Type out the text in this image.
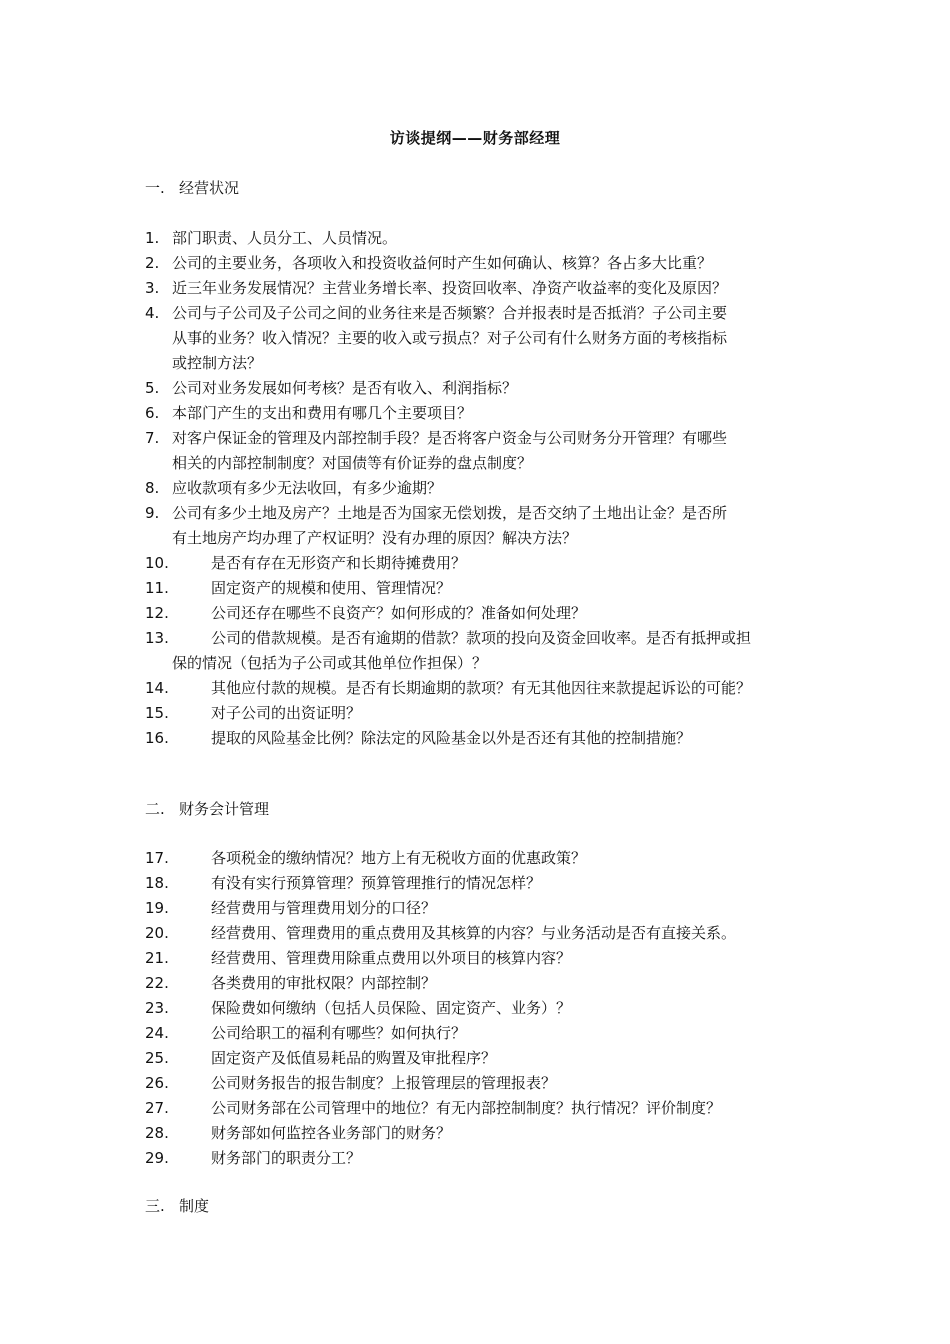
访谈提纲——财务部经理
一. 经营状况
1. 部门职责、人员分工、人员情况。
2. 公司的主要业务，各项收入和投资收益何时产生如何确认、核算？各占多大比重？
3. 近三年业务发展情况？主营业务增长率、投资回收率、净资产收益率的变化及原因？
4. 公司与子公司及子公司之间的业务往来是否频繁？合并报表时是否抵消？子公司主要
从事的业务？收入情况？主要的收入或亏损点？对子公司有什么财务方面的考核指标
或控制方法？
5. 公司对业务发展如何考核？是否有收入、利润指标？
6. 本部门产生的支出和费用有哪几个主要项目？
7. 对客户保证金的管理及内部控制手段？是否将客户资金与公司财务分开管理？有哪些
相关的内部控制制度？对国债等有价证券的盘点制度？
8. 应收款项有多少无法收回，有多少逾期？
9. 公司有多少土地及房产？土地是否为国家无偿划拨，是否交纳了土地出让金？是否所
有土地房产均办理了产权证明？没有办理的原因？解决方法？
10.	是否有存在无形资产和长期待摊费用？
11.	固定资产的规模和使用、管理情况？
12.	公司还存在哪些不良资产？如何形成的？准备如何处理？
13.	公司的借款规模。是否有逾期的借款？款项的投向及资金回收率。是否有抵押或担
保的情况（包括为子公司或其他单位作担保）？
14.	其他应付款的规模。是否有长期逾期的款项？有无其他因往来款提起诉讼的可能？
15.	对子公司的出资证明？
16.	提取的风险基金比例？除法定的风险基金以外是否还有其他的控制措施？
二. 财务会计管理
17.	各项税金的缴纳情况？地方上有无税收方面的优惠政策？
18.	有没有实行预算管理？预算管理推行的情况怎样？
19.	经营费用与管理费用划分的口径？
20.	经营费用、管理费用的重点费用及其核算的内容？与业务活动是否有直接关系。
21.	经营费用、管理费用除重点费用以外项目的核算内容？
22.	各类费用的审批权限？内部控制？
23.	保险费如何缴纳（包括人员保险、固定资产、业务）？
24.	公司给职工的福利有哪些？如何执行？
25.	固定资产及低值易耗品的购置及审批程序？
26.	公司财务报告的报告制度？上报管理层的管理报表？
27.	公司财务部在公司管理中的地位？有无内部控制制度？执行情况？评价制度？
28.	财务部如何监控各业务部门的财务？
29.	财务部门的职责分工？
三. 制度
